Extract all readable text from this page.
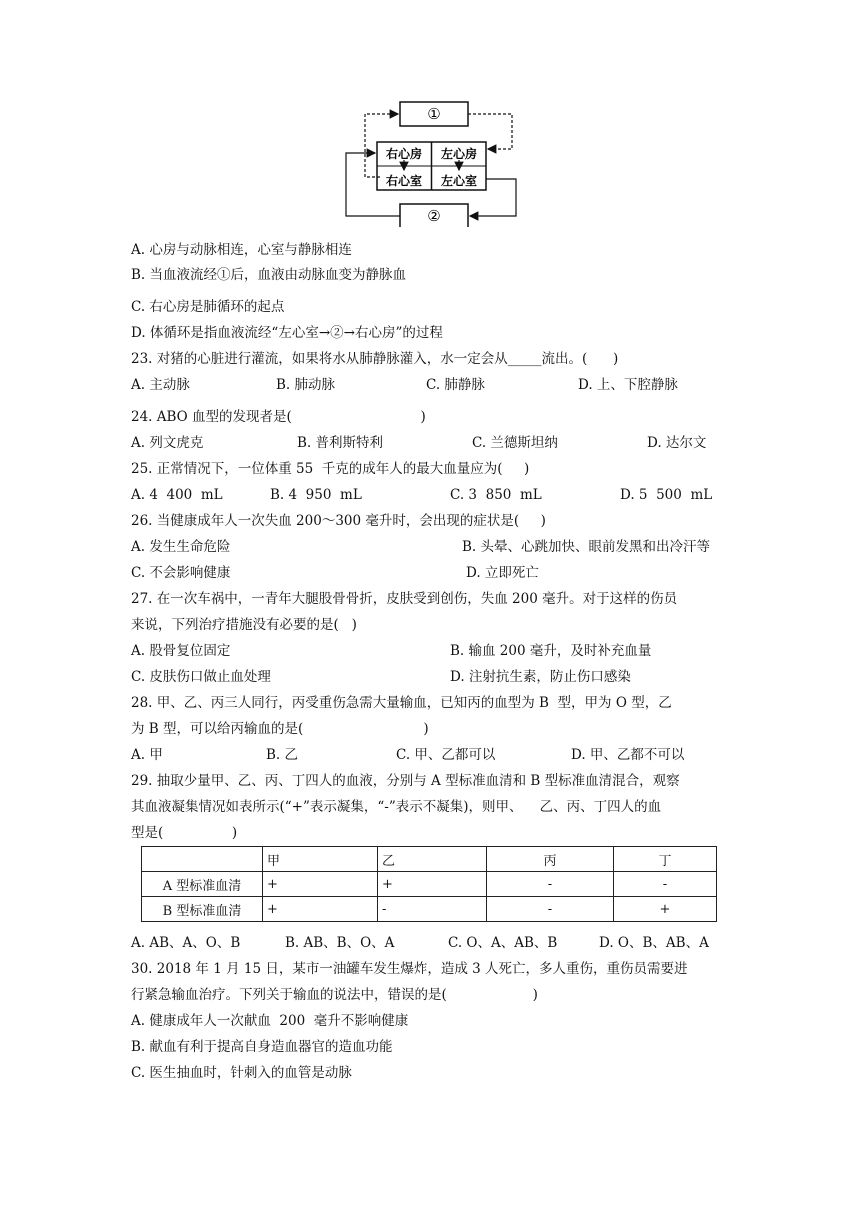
①
②
右心房 左心房
右心室 左心室
A. 心房与动脉相连，心室与静脉相连
B. 当血液流经①后，血液由动脉血变为静脉血
C. 右心房是肺循环的起点
D. 体循环是指血液流经“左心室→②→右心房”的过程
23. 对猪的心脏进行灌流，如果将水从肺静脉灌入，水一定会从_____流出。(      )
A. 主动脉	B. 肺动脉	C. 肺静脉	D. 上、下腔静脉
24. ABO 血型的发现者是(                              )
A. 列文虎克	B. 普利斯特利	C. 兰德斯坦纳	D. 达尔文
25. 正常情况下，一位体重 55  千克的成年人的最大血量应为(     )
A. 4  400  mL	B. 4  950  mL	C. 3  850  mL	D. 5  500  mL
26. 当健康成年人一次失血 200～300 毫升时，会出现的症状是(     )
A. 发生生命危险	B. 头晕、心跳加快、眼前发黑和出冷汗等
C. 不会影响健康	D. 立即死亡
27. 在一次车祸中，一青年大腿股骨骨折，皮肤受到创伤，失血 200 毫升。对于这样的伤员
来说，下列治疗措施没有必要的是(   )
A. 股骨复位固定	B. 输血 200 毫升，及时补充血量
C. 皮肤伤口做止血处理	D. 注射抗生素，防止伤口感染
28. 甲、乙、丙三人同行，丙受重伤急需大量输血，已知丙的血型为 B  型，甲为 O 型，乙
为 B 型，可以给丙输血的是(                            )
A. 甲	B. 乙	C. 甲、乙都可以	D. 甲、乙都不可以
29. 抽取少量甲、乙、丙、丁四人的血液，分别与 A 型标准血清和 B 型标准血清混合，观察
其血液凝集情况如表所示(“+”表示凝集，“-”表示不凝集)，则甲、    乙、丙、丁四人的血
型是(                )
	甲	乙	丙	丁
A 型标准血清	+	+	-	-
B 型标准血清	+	-	-	+
A. AB、A、O、B	B. AB、B、O、A	C. O、A、AB、B	D. O、B、AB、A
30. 2018 年 1 月 15 日，某市一油罐车发生爆炸，造成 3 人死亡，多人重伤，重伤员需要进
行紧急输血治疗。下列关于输血的说法中，错误的是(                    )
A. 健康成年人一次献血  200  毫升不影响健康
B. 献血有利于提高自身造血器官的造血功能
C. 医生抽血时，针刺入的血管是动脉
